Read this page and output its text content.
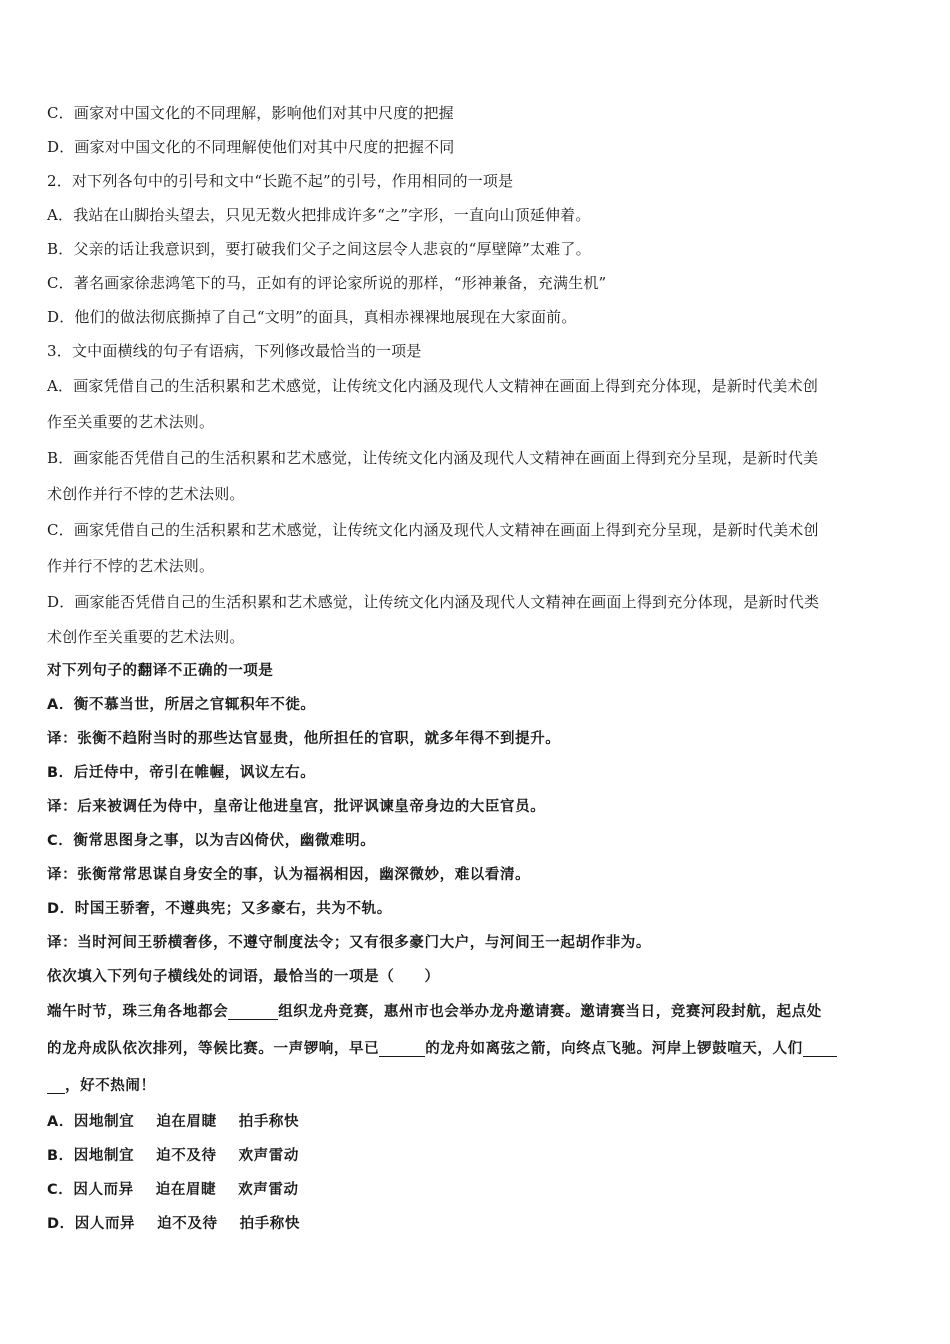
C．画家对中国文化的不同理解，影响他们对其中尺度的把握
D．画家对中国文化的不同理解使他们对其中尺度的把握不同
2．对下列各句中的引号和文中“长跪不起”的引号，作用相同的一项是
A．我站在山脚抬头望去，只见无数火把排成许多“之”字形，一直向山顶延伸着。
B．父亲的话让我意识到，要打破我们父子之间这层令人悲哀的“厚壁障”太难了。
C．著名画家徐悲鸿笔下的马，正如有的评论家所说的那样，“形神兼备，充满生机”
D．他们的做法彻底撕掉了自己“文明”的面具，真相赤裸裸地展现在大家面前。
3．文中面横线的句子有语病，下列修改最恰当的一项是
A．画家凭借自己的生活积累和艺术感觉，让传统文化内涵及现代人文精神在画面上得到充分体现，是新时代美术创
作至关重要的艺术法则。
B．画家能否凭借自己的生活积累和艺术感觉，让传统文化内涵及现代人文精神在画面上得到充分呈现，是新时代美
术创作并行不悖的艺术法则。
C．画家凭借自己的生活积累和艺术感觉，让传统文化内涵及现代人文精神在画面上得到充分呈现，是新时代美术创
作并行不悖的艺术法则。
D．画家能否凭借自己的生活积累和艺术感觉，让传统文化内涵及现代人文精神在画面上得到充分体现，是新时代类
术创作至关重要的艺术法则。
对下列句子的翻译不正确的一项是
A．衡不慕当世，所居之官辄积年不徙。
译：张衡不趋附当时的那些达官显贵，他所担任的官职，就多年得不到提升。
B．后迁侍中，帝引在帷幄，讽议左右。
译：后来被调任为侍中，皇帝让他进皇宫，批评讽谏皇帝身边的大臣官员。
C．衡常思图身之事，以为吉凶倚伏，幽微难明。
译：张衡常常思谋自身安全的事，认为福祸相因，幽深微妙，难以看清。
D．时国王骄奢，不遵典宪；又多豪右，共为不轨。
译：当时河间王骄横奢侈，不遵守制度法令；又有很多豪门大户，与河间王一起胡作非为。
依次填入下列句子横线处的词语，最恰当的一项是（　　）
端午时节，珠三角各地都会	组织龙舟竞赛，惠州市也会举办龙舟邀请赛。邀请赛当日，竞赛河段封航，起点处
的龙舟成队依次排列，等候比赛。一声锣响，早已	的龙舟如离弦之箭，向终点飞驰。河岸上锣鼓喧天，人们
，好不热闹！
A．因地制宜 迫在眉睫 拍手称快
B．因地制宜 迫不及待 欢声雷动
C．因人而异 迫在眉睫 欢声雷动
D．因人而异 迫不及待 拍手称快
